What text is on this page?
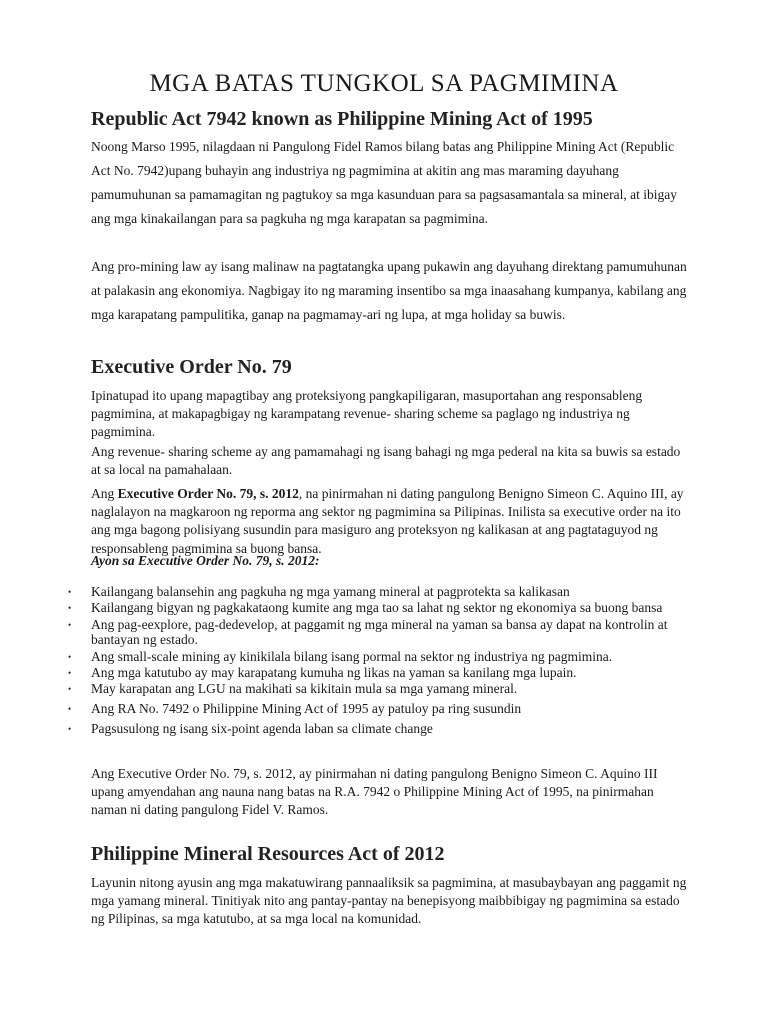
MGA BATAS TUNGKOL SA PAGMIMINA
Republic Act 7942 known as Philippine Mining Act of 1995

Noong Marso 1995, nilagdaan ni Pangulong Fidel Ramos bilang batas ang Philippine Mining Act (Republic Act No. 7942)upang buhayin ang industriya ng pagmimina at akitin ang mas maraming dayuhang pamumuhunan sa pamamagitan ng pagtukoy sa mga kasunduan para sa pagsasamantala sa mineral, at ibigay ang mga kinakailangan para sa pagkuha ng mga karapatan sa pagmimina.

Ang pro-mining law ay isang malinaw na pagtatangka upang pukawin ang dayuhang direktang pamumuhunan at palakasin ang ekonomiya. Nagbigay ito ng maraming insentibo sa mga inaasahang kumpanya, kabilang ang mga karapatang pampulitika, ganap na pagmamay-ari ng lupa, at mga holiday sa buwis.

Executive Order No. 79

Ipinatupad ito upang mapagtibay ang proteksiyong pangkapiligaran, masuportahan ang responsableng pagmimina, at makapagbigay ng karampatang revenue- sharing scheme sa paglago ng industriya ng pagmimina.

Ang revenue- sharing scheme ay ang pamamahagi ng isang bahagi ng mga pederal na kita sa buwis sa estado at sa local na pamahalaan.

Ang Executive Order No. 79, s. 2012, na pinirmahan ni dating pangulong Benigno Simeon C. Aquino III, ay naglalayon na magkaroon ng reporma ang sektor ng pagmimina sa Pilipinas. Inilista sa executive order na ito ang mga bagong polisiyang susundin para masiguro ang proteksyon ng kalikasan at ang pagtataguyod ng responsableng pagmimina sa buong bansa.

Ayon sa Executive Order No. 79, s. 2012:

• Kailangang balansehin ang pagkuha ng mga yamang mineral at pagprotekta sa kalikasan
• Kailangang bigyan ng pagkakataong kumite ang mga tao sa lahat ng sektor ng ekonomiya sa buong bansa
• Ang pag-eexplore, pag-dedevelop, at paggamit ng mga mineral na yaman sa bansa ay dapat na kontrolin at bantayan ng estado.
• Ang small-scale mining ay kinikilala bilang isang pormal na sektor ng industriya ng pagmimina.
• Ang mga katutubo ay may karapatang kumuha ng likas na yaman sa kanilang mga lupain.
• May karapatan ang LGU na makihati sa kikitain mula sa mga yamang mineral.
• Ang RA No. 7492 o Philippine Mining Act of 1995 ay patuloy pa ring susundin
• Pagsusulong ng isang six-point agenda laban sa climate change

Ang Executive Order No. 79, s. 2012, ay pinirmahan ni dating pangulong Benigno Simeon C. Aquino III upang amyendahan ang nauna nang batas na R.A. 7942 o Philippine Mining Act of 1995, na pinirmahan naman ni dating pangulong Fidel V. Ramos.

Philippine Mineral Resources Act of 2012

Layunin nitong ayusin ang mga makatuwirang pannaaliksik sa pagmimina, at masubaybayan ang paggamit ng mga yamang mineral. Tinitiyak nito ang pantay-pantay na benepisyong maibbibigay ng pagmimina sa estado ng Pilipinas, sa mga katutubo, at sa mga local na komunidad.
